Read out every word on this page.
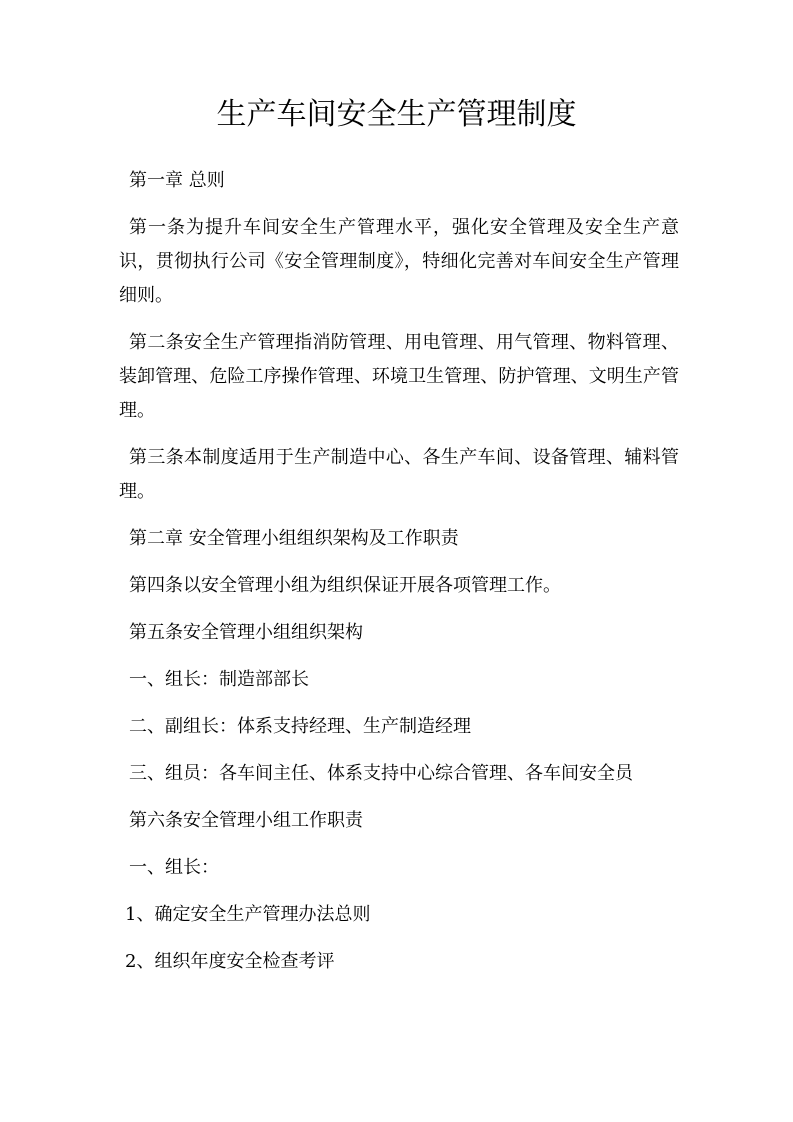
生产车间安全生产管理制度

第一章 总则

第一条为提升车间安全生产管理水平，强化安全管理及安全生产意识，贯彻执行公司《安全管理制度》，特细化完善对车间安全生产管理细则。

第二条安全生产管理指消防管理、用电管理、用气管理、物料管理、装卸管理、危险工序操作管理、环境卫生管理、防护管理、文明生产管理。

第三条本制度适用于生产制造中心、各生产车间、设备管理、辅料管理。

第二章 安全管理小组组织架构及工作职责

第四条以安全管理小组为组织保证开展各项管理工作。

第五条安全管理小组组织架构

一、组长：制造部部长

二、副组长：体系支持经理、生产制造经理

三、组员：各车间主任、体系支持中心综合管理、各车间安全员

第六条安全管理小组工作职责

一、组长：

1、确定安全生产管理办法总则

2、组织年度安全检查考评
